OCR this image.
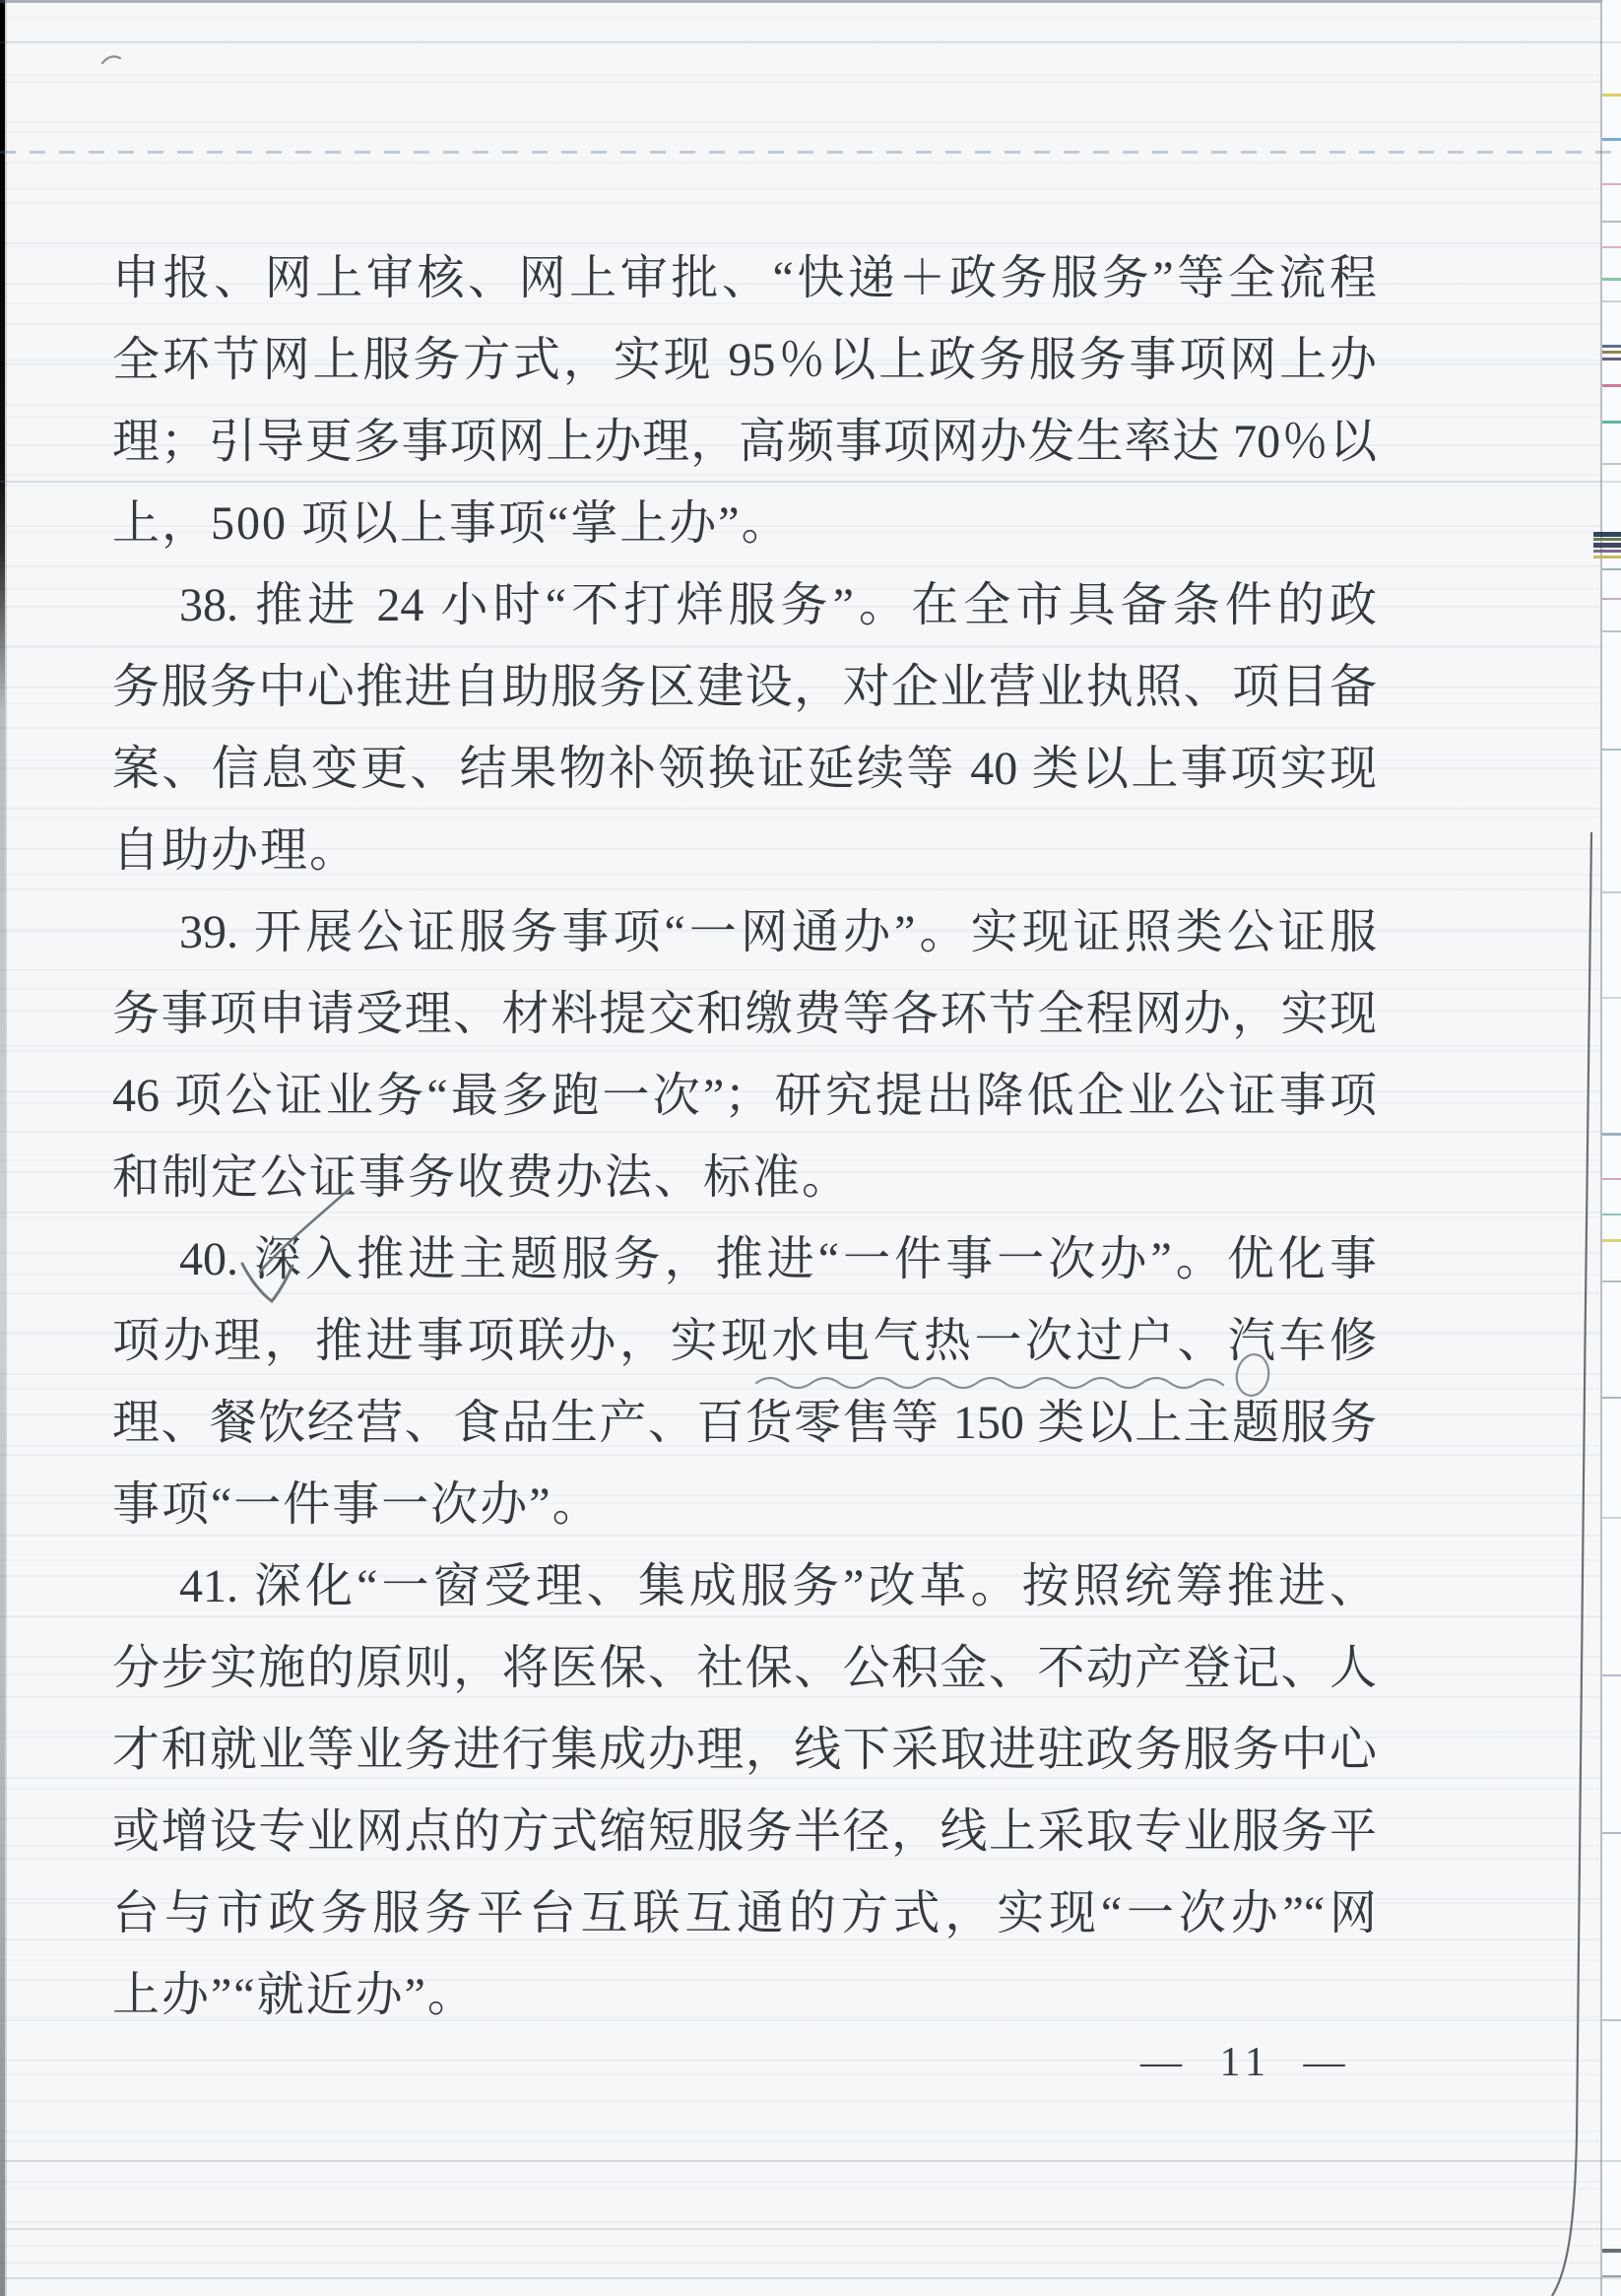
申报、网上审核、网上审批、“快递＋政务服务”等全流程
全环节网上服务方式，实现 95％以上政务服务事项网上办
理；引导更多事项网上办理，高频事项网办发生率达 70％以
上，500 项以上事项“掌上办”。
38. 推进 24 小时“不打烊服务”。在全市具备条件的政
务服务中心推进自助服务区建设，对企业营业执照、项目备
案、信息变更、结果物补领换证延续等 40 类以上事项实现
自助办理。
39. 开展公证服务事项“一网通办”。实现证照类公证服
务事项申请受理、材料提交和缴费等各环节全程网办，实现
46 项公证业务“最多跑一次”；研究提出降低企业公证事项
和制定公证事务收费办法、标准。
40. 深入推进主题服务，推进“一件事一次办”。优化事
项办理，推进事项联办，实现水电气热一次过户、汽车修
理、餐饮经营、食品生产、百货零售等 150 类以上主题服务
事项“一件事一次办”。
41. 深化“一窗受理、集成服务”改革。按照统筹推进、
分步实施的原则，将医保、社保、公积金、不动产登记、人
才和就业等业务进行集成办理，线下采取进驻政务服务中心
或增设专业网点的方式缩短服务半径，线上采取专业服务平
台与市政务服务平台互联互通的方式，实现“一次办”“网
上办”“就近办”。
— 11 —
